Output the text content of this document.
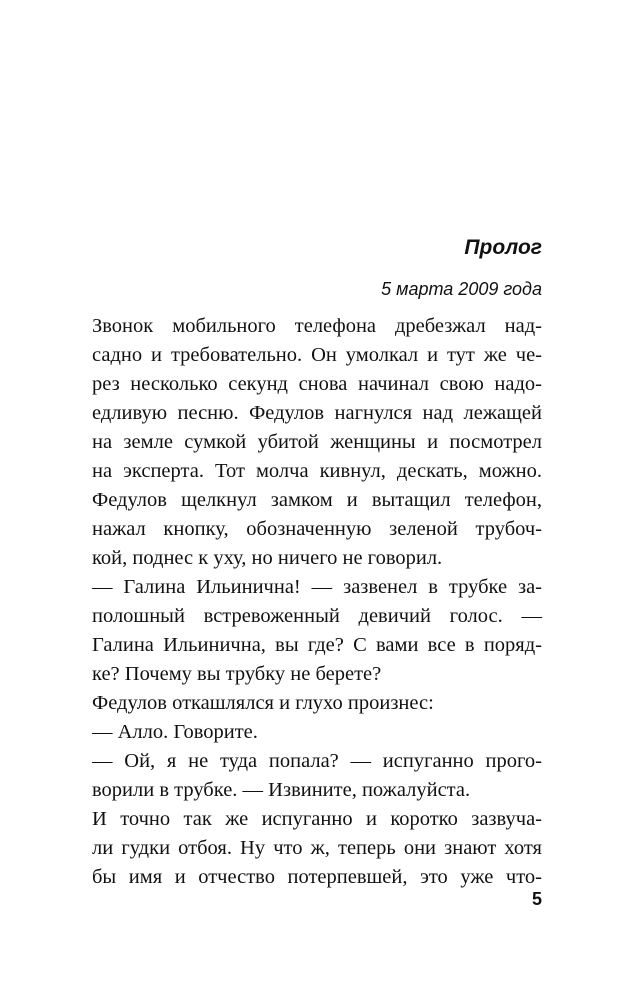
Пролог
5 марта 2009 года
Звонок мобильного телефона дребезжал над-
садно и требовательно. Он умолкал и тут же че-
рез несколько секунд снова начинал свою надо-
едливую песню. Федулов нагнулся над лежащей
на земле сумкой убитой женщины и посмотрел
на эксперта. Тот молча кивнул, дескать, можно.
Федулов щелкнул замком и вытащил телефон,
нажал кнопку, обозначенную зеленой трубоч-
кой, поднес к уху, но ничего не говорил.
— Галина Ильинична! — зазвенел в трубке за-
полошный встревоженный девичий голос. —
Галина Ильинична, вы где? С вами все в поряд-
ке? Почему вы трубку не берете?
Федулов откашлялся и глухо произнес:
— Алло. Говорите.
— Ой, я не туда попала? — испуганно прого-
ворили в трубке. — Извините, пожалуйста.
И точно так же испуганно и коротко зазвуча-
ли гудки отбоя. Ну что ж, теперь они знают хотя
бы имя и отчество потерпевшей, это уже что-
5
